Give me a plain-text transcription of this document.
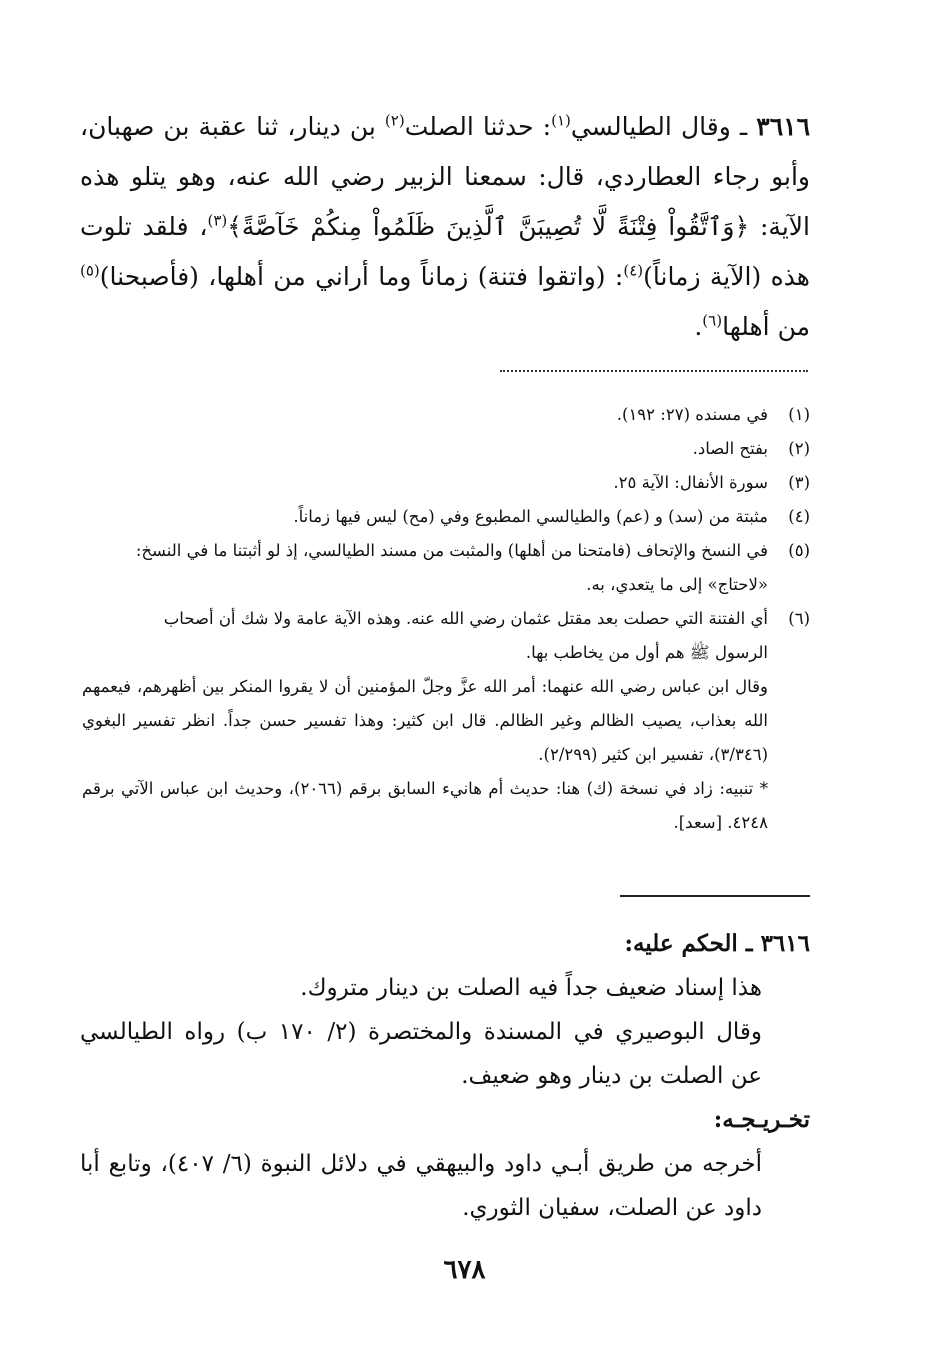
٣٦١٦ ـ وقال الطيالسي$^{(١)}$: حدثنا الصلت$^{(٢)}$ بن دينار، ثنا عقبة بن صهبان، وأبو رجاء العطاردي، قال: سمعنا الزبير رضي الله عنه، وهو يتلو هذه الآية: ﴿وَٱتَّقُواْ فِتْنَةً لَّا تُصِيبَنَّ ٱلَّذِينَ ظَلَمُواْ مِنكُمْ خَآصَّةً﴾$^{(٣)}$، فلقد تلوت هذه (الآية زماناً)$^{(٤)}$: (واتقوا فتنة) زماناً وما أراني من أهلها، (فأصبحنا)$^{(٥)}$ من أهلها$^{(٦)}$.

(١)
في مسنده (٢٧: ١٩٢).
(٢)
بفتح الصاد.
(٣)
سورة الأنفال: الآية ٢٥.
(٤)
مثبتة من (سد) و (عم) والطيالسي المطبوع وفي (مح) ليس فيها زماناً.
(٥)
في النسخ والإتحاف (فامتحنا من أهلها) والمثبت من مسند الطيالسي، إذ لو أثبتنا ما في النسخ:
«لاحتاج» إلى ما يتعدي، به.
(٦)
أي الفتنة التي حصلت بعد مقتل عثمان رضي الله عنه. وهذه الآية عامة ولا شك أن أصحاب
الرسول ﷺ هم أول من يخاطب بها.
وقال ابن عباس رضي الله عنهما: أمر الله عزَّ وجلّ المؤمنين أن لا يقروا المنكر بين أظهرهم، فيعمهم الله بعذاب، يصيب الظالم وغير الظالم. قال ابن كثير: وهذا تفسير حسن جداً. انظر تفسير البغوي (٣/٣٤٦)، تفسير ابن كثير (٢/٢٩٩).
* تنبيه: زاد في نسخة (ك) هنا: حديث أم هانيء السابق برقم (٢٠٦٦)، وحديث ابن عباس الآتي برقم ٤٢٤٨. [سعد].

٣٦١٦ ـ الحكم عليه:

هذا إسناد ضعيف جداً فيه الصلت بن دينار متروك.

وقال البوصيري في المسندة والمختصرة (٢/ ١٧٠ ب) رواه الطيالسي عن الصلت بن دينار وهو ضعيف.

تخـريـجـه:

أخرجه من طريق أبـي داود والبيهقي في دلائل النبوة (٦/ ٤٠٧)، وتابع أبا داود عن الصلت، سفيان الثوري.

٦٧٨
